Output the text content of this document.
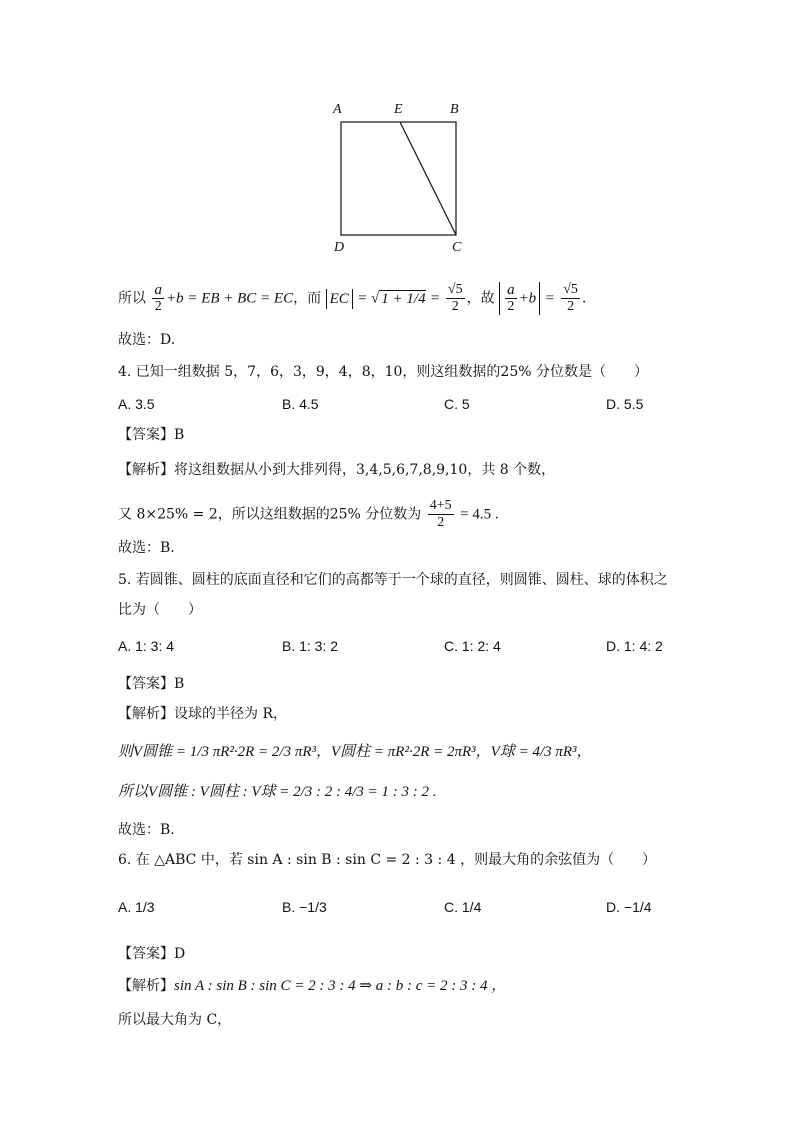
A	E	B
D	C
所以 $\frac{a}{2} +b$ = EB + BC = EC，而 EC = √ $1 + 1/4 = \frac{√5}{2}$ ，故 $\frac{a}{2} +b = \frac{√5}{2}$ .
故选：D.
4. 已知一组数据 5，7，6，3，9，4，8，10，则这组数据的25% 分位数是（　　）
A. 3.5	B. 4.5	C. 5	D. 5.5
【答案】B
【解析】将这组数据从小到大排列得，3,4,5,6,7,8,9,10，共 8 个数，
又 8×25% = 2，所以这组数据的25% 分位数为 $\frac{4+5}{2} = 4.5$ .
故选：B.
5. 若圆锥、圆柱的底面直径和它们的高都等于一个球的直径，则圆锥、圆柱、球的体积之
比为（　　）
A. 1: 3: 4	B. 1: 3: 2	C. 1: 2: 4	D. 1: 4: 2
【答案】B
【解析】设球的半径为 R，
则V圆锥 = 1/3 πR²·2R = 2/3 πR³，V圆柱 = πR²·2R = 2πR³，V球 = 4/3 πR³，
所以V圆锥 : V圆柱 : V球 = 2/3 : 2 : 4/3 = 1 : 3 : 2 .
故选：B.
6. 在 △ABC 中，若 sin A : sin B : sin C = 2 : 3 : 4 ，则最大角的余弦值为（　　）
A. 1/3	B. −1/3	C. 1/4	D. −1/4
【答案】D
【解析】sin A : sin B : sin C = 2 : 3 : 4 ⇒ a : b : c = 2 : 3 : 4 ，
所以最大角为 C，
